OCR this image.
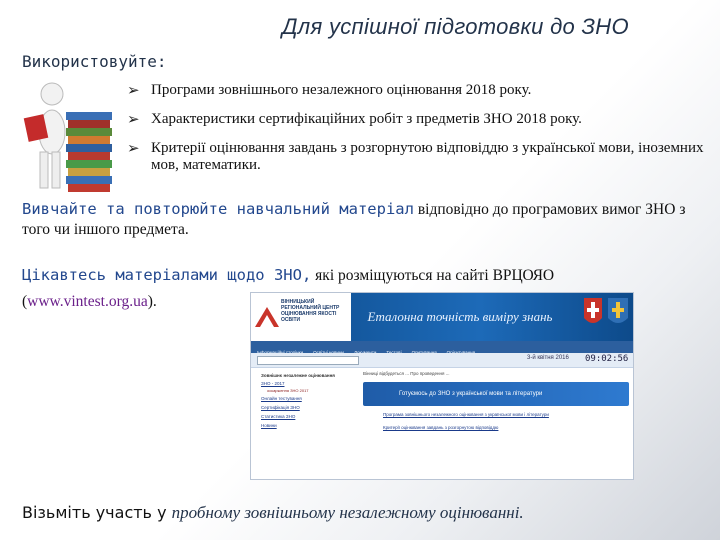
Для успішної підготовки до ЗНО
Використовуйте:
➢ Програми зовнішнього незалежного оцінювання 2018 року.
➢ Характеристики сертифікаційних робіт з предметів ЗНО 2018 року.
➢ Критерії оцінювання завдань з розгорнутою відповіддю з української мови, іноземних мов, математики.
Вивчайте та повторюйте навчальний матеріал відповідно до програмових вимог ЗНО з того чи іншого предмета.
Цікавтесь матеріалами щодо ЗНО, які розміщуються на сайті ВРЦОЯО
(www.vintest.org.ua).	ВІННИЦЬКИЙ РЕГІОНАЛЬНИЙ ЦЕНТР ОЦІНЮВАННЯ ЯКОСТІ ОСВІТИ	Еталонна точність виміру знань
3-й квітня 2016 09:02:56
Зовнішнє незалежне оцінювання
ЗНО - 2017
оскарження ЗНО 2017
Онлайн тестування
Сертифікація ЗНО
Статистика ЗНО
Новини
Вінниці відбудеться ... Про проведення ...
Готуємось до ЗНО з української мови та літератури
Програма зовнішнього незалежного оцінювання з української мови і літератури
Критерії оцінювання завдань з розгорнутою відповіддю
Візьміть участь у пробному зовнішньому незалежному оцінюванні.
